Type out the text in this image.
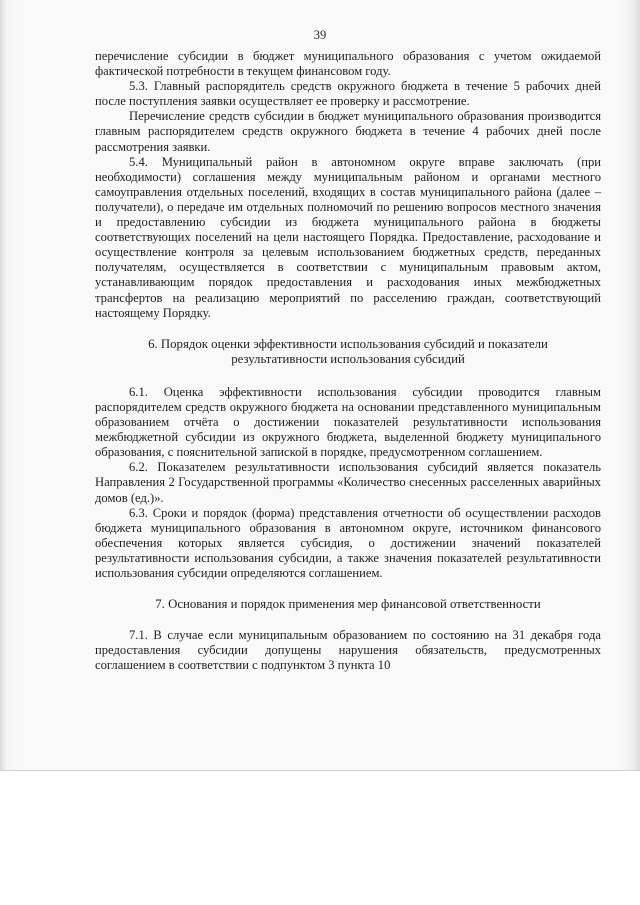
39

перечисление субсидии в бюджет муниципального образования с учетом ожидаемой фактической потребности в текущем финансовом году.

5.3. Главный распорядитель средств окружного бюджета в течение 5 рабочих дней после поступления заявки осуществляет ее проверку и рассмотрение.

Перечисление средств субсидии в бюджет муниципального образования производится главным распорядителем средств окружного бюджета в течение 4 рабочих дней после рассмотрения заявки.

5.4. Муниципальный район в автономном округе вправе заключать (при необходимости) соглашения между муниципальным районом и органами местного самоуправления отдельных поселений, входящих в состав муниципального района (далее – получатели), о передаче им отдельных полномочий по решению вопросов местного значения и предоставлению субсидии из бюджета муниципального района в бюджеты соответствующих поселений на цели настоящего Порядка. Предоставление, расходование и осуществление контроля за целевым использованием бюджетных средств, переданных получателям, осуществляется в соответствии с муниципальным правовым актом, устанавливающим порядок предоставления и расходования иных межбюджетных трансфертов на реализацию мероприятий по расселению граждан, соответствующий настоящему Порядку.

6. Порядок оценки эффективности использования субсидий и показатели

результативности использования субсидий

6.1. Оценка эффективности использования субсидии проводится главным распорядителем средств окружного бюджета на основании представленного муниципальным образованием отчёта о достижении показателей результативности использования межбюджетной субсидии из окружного бюджета, выделенной бюджету муниципального образования, с пояснительной запиской в порядке, предусмотренном соглашением.

6.2. Показателем результативности использования субсидий является показатель Направления 2 Государственной программы «Количество снесенных расселенных аварийных домов (ед.)».

6.3. Сроки и порядок (форма) представления отчетности об осуществлении расходов бюджета муниципального образования в автономном округе, источником финансового обеспечения которых является субсидия, о достижении значений показателей результативности использования субсидии, а также значения показателей результативности использования субсидии определяются соглашением.

7. Основания и порядок применения мер финансовой ответственности

7.1. В случае если муниципальным образованием по состоянию на 31 декабря года предоставления субсидии допущены нарушения обязательств, предусмотренных соглашением в соответствии с подпунктом 3 пункта 10
